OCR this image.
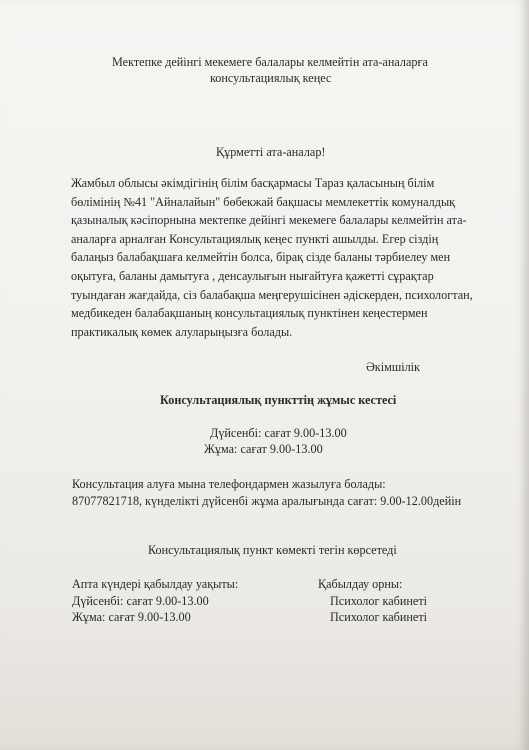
Мектепке дейінгі мекемеге балалары келмейтін ата-аналарға
консультациялық кеңес
Құрметті ата-аналар!
Жамбыл облысы әкімдігінің білім басқармасы Тараз қаласының білім
бөлімінің №41 "Айналайын" бөбекжай бақшасы мемлекеттік комуналдық
қазыналық кәсіпорнына мектепке дейінгі мекемеге балалары келмейтін ата-
аналарға арналған Консультациялық кеңес пункті ашылды. Егер сіздің
балаңыз балабақшаға келмейтін болса, бірақ сізде баланы тәрбиелеу мен
оқытуға, баланы дамытуға , денсаулығын нығайтуға қажетті сұрақтар
туындаған жағдайда, сіз балабақша меңгерушісінен әдіскерден, психологтан,
медбикеден балабақшаның консультациялық пунктінен кеңестермен
практикалық көмек алуларыңызға болады.
Әкімшілік
Консультациялық пункттің жұмыс кестесі
Дүйсенбі: сағат 9.00-13.00
Жұма: сағат 9.00-13.00
Консультация алуға мына телефондармен жазылуға болады:
87077821718, күнделікті дүйсенбі жұма аралығында сағат: 9.00-12.00дейін
Консультациялық пункт көмекті тегін көрсетеді
Апта күндері қабылдау уақыты:
Дүйсенбі: сағат 9.00-13.00
Жұма: сағат 9.00-13.00
Қабылдау орны:
Психолог кабинеті
Психолог кабинеті
